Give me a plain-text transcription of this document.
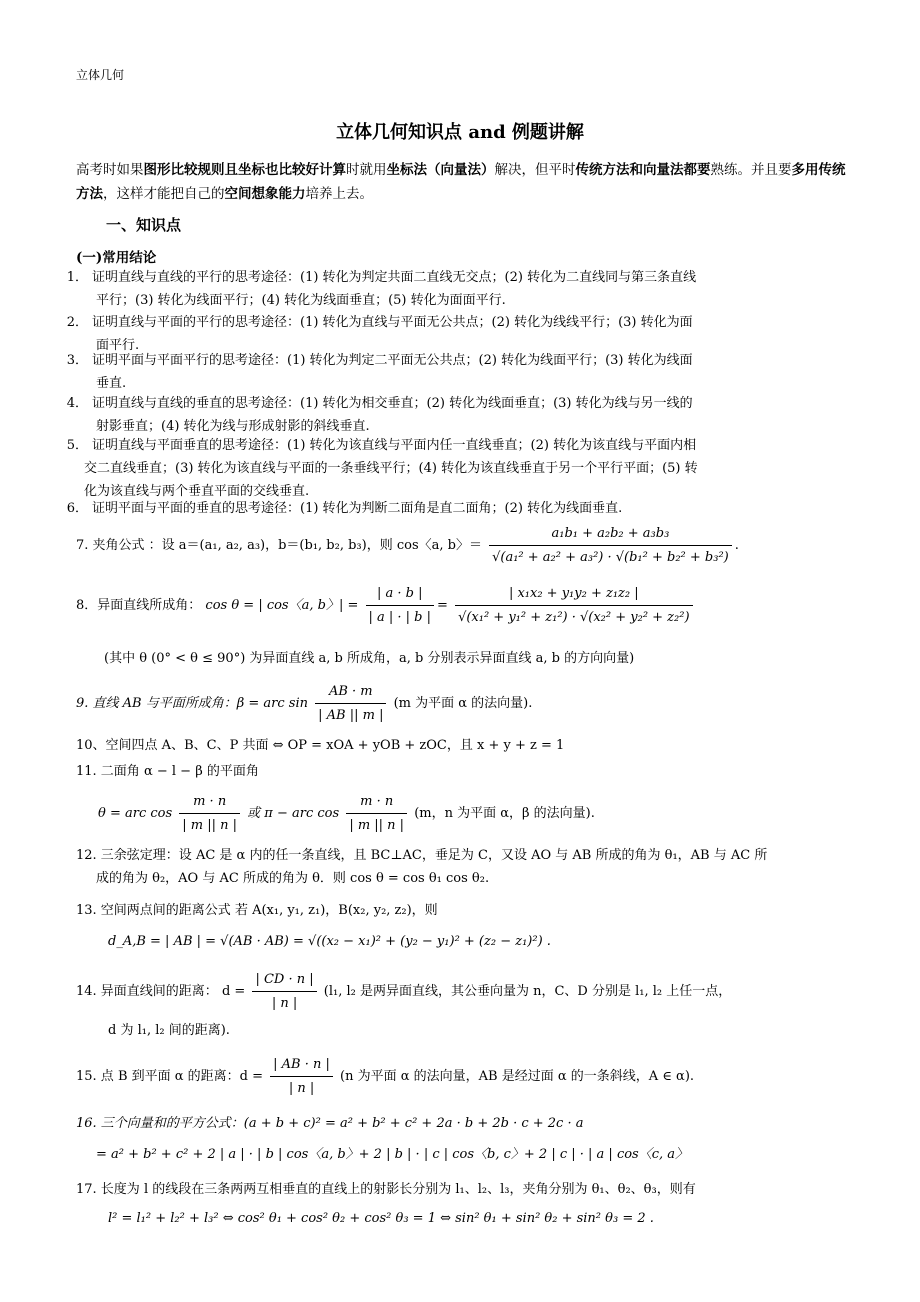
立体几何
立体几何知识点 and 例题讲解
高考时如果图形比较规则且坐标也比较好计算时就用坐标法（向量法）解决，但平时传统方法和向量法都要熟练。并且要多用传统方法，这样才能把自己的空间想象能力培养上去。
一、知识点
(一)常用结论
1． 证明直线与直线的平行的思考途径：(1) 转化为判定共面二直线无交点；(2) 转化为二直线同与第三条直线
平行；(3) 转化为线面平行；(4) 转化为线面垂直；(5) 转化为面面平行.
2． 证明直线与平面的平行的思考途径：(1) 转化为直线与平面无公共点；(2) 转化为线线平行；(3) 转化为面
面平行.
3． 证明平面与平面平行的思考途径：(1) 转化为判定二平面无公共点；(2) 转化为线面平行；(3) 转化为线面
垂直.
4． 证明直线与直线的垂直的思考途径：(1) 转化为相交垂直；(2) 转化为线面垂直；(3) 转化为线与另一线的
射影垂直；(4) 转化为线与形成射影的斜线垂直.
5． 证明直线与平面垂直的思考途径：(1) 转化为该直线与平面内任一直线垂直；(2) 转化为该直线与平面内相
交二直线垂直；(3) 转化为该直线与平面的一条垂线平行；(4) 转化为该直线垂直于另一个平行平面；(5) 转
化为该直线与两个垂直平面的交线垂直.
6． 证明平面与平面的垂直的思考途径：(1) 转化为判断二面角是直二面角；(2) 转化为线面垂直.
7. 夹角公式 ：设 a＝(a₁, a₂, a₃)，b＝(b₁, b₂, b₃)，则 cos〈a, b〉＝ $\frac{\text{a₁b₁ + a₂b₂ + a₃b₃}}{\text{√(a₁² + a₂² + a₃²) · √(b₁² + b₂² + b₃²)}}$ .
8．异面直线所成角： cos θ = | cos〈a, b〉| = $\frac{| a \cdot b |}{| a | \cdot | b |} = \frac{\text{| x₁x₂ + y₁y₂ + z₁z₂ |}}{\text{√(x₁² + y₁² + z₁²) · √(x₂² + y₂² + z₂²)}}$
(其中 θ (0° < θ ≤ 90°) 为异面直线 a, b 所成角，a, b 分别表示异面直线 a, b 的方向向量)
9. 直线 AB 与平面所成角：β = arc $\sin \frac{AB \cdot m}{| AB || m |} (m$ 为平面 α 的法向量).
10、空间四点 A、B、C、P 共面 ⇔ OP = xOA + yOB + zOC，且 x + y + z = 1
11. 二面角 α − l − β 的平面角
θ = arc $\cos \frac{m \cdot n}{| m || n |}$ 或 π − arc $\cos \frac{m \cdot n}{| m || n |} (m$，n 为平面 α，β 的法向量).
12. 三余弦定理：设 AC 是 α 内的任一条直线，且 BC⊥AC，垂足为 C，又设 AO 与 AB 所成的角为 θ₁，AB 与 AC 所
成的角为 θ₂，AO 与 AC 所成的角为 θ．则 cos θ = cos θ₁ cos θ₂.
13. 空间两点间的距离公式 若 A(x₁, y₁, z₁)，B(x₂, y₂, z₂)，则
d_A,B = | AB | = √(AB · AB) = √((x₂ − x₁)² + (y₂ − y₁)² + (z₂ − z₁)²) .
14. 异面直线间的距离： $d = \frac{| CD \cdot n |}{| n |} (l_1$, l₂ 是两异面直线，其公垂向量为 n，C、D 分别是 l₁, l₂ 上任一点，
d 为 l₁, l₂ 间的距离).
15. 点 B 到平面 α 的距离：$d = \frac{| AB \cdot n |}{| n |} (n$ 为平面 α 的法向量，AB 是经过面 α 的一条斜线，A ∈ α).
16. 三个向量和的平方公式：(a + b + c)² = a² + b² + c² + 2a · b + 2b · c + 2c · a
= a² + b² + c² + 2 | a | · | b | cos〈a, b〉+ 2 | b | · | c | cos〈b, c〉+ 2 | c | · | a | cos〈c, a〉
17. 长度为 l 的线段在三条两两互相垂直的直线上的射影长分别为 l₁、l₂、l₃，夹角分别为 θ₁、θ₂、θ₃，则有
l² = l₁² + l₂² + l₃² ⇔ cos² θ₁ + cos² θ₂ + cos² θ₃ = 1 ⇔ sin² θ₁ + sin² θ₂ + sin² θ₃ = 2 .
